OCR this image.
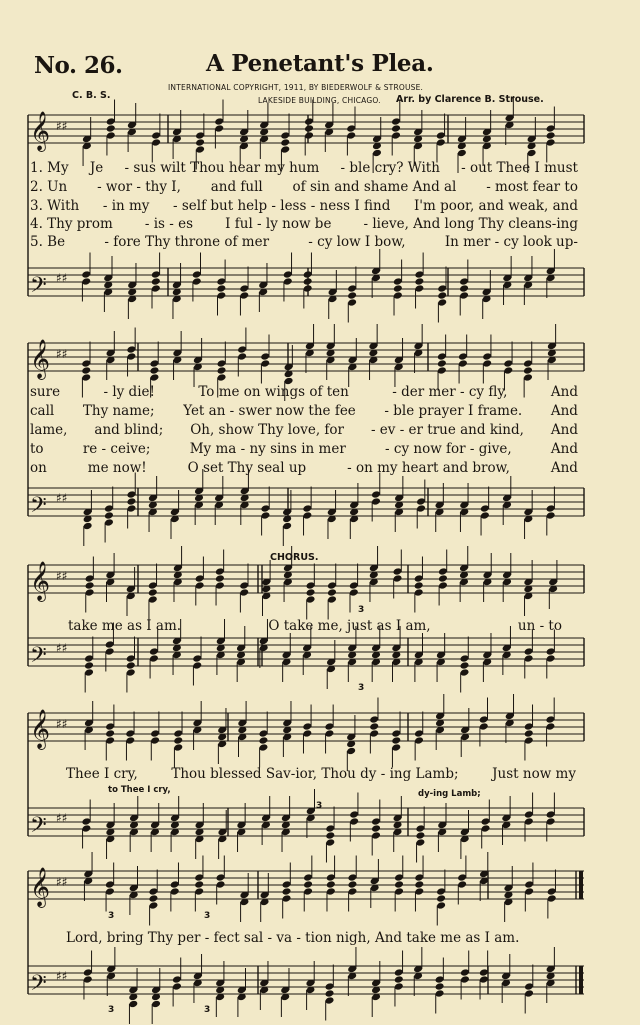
No. 26.	A Penetant's Plea.
INTERNATIONAL COPYRIGHT, 1911, BY BIEDERWOLF & STROUSE.
LAKESIDE BUILDING, CHICAGO.
C. B. S.	Arr. by Clarence B. Strouse.
𝄞
𝄢
♯♯
♯♯
1. My Je - sus wilt Thou hear my hum - ble cry? With - out Thee I must
2. Un - wor - thy I, and full of sin and shame And al - most fear to
3. With - in my - self but help - less - ness I find I'm poor, and weak, and
4. Thy prom - is - es I ful - ly now be - lieve, And long Thy cleans-ing
5. Be	- fore Thy throne of mer	- cy low I bow,	In mer - cy look up-
𝄞
𝄢
♯♯
♯♯
sure	- ly die!	To me on wings of ten	- der mer - cy fly,	And
call Thy name; Yet an - swer now the fee - ble prayer I frame. And
lame, and blind; Oh, show Thy love, for - ev - er true and kind, And
to	re - ceive;	My ma - ny sins in mer	- cy now for - give,	And
on	me now!	O set Thy seal up	- on my heart and brow,	And
CHORUS.
𝄞
𝄢
♯♯
♯♯
3
3
take me as I am.	O take me, just as I am,	un - to
𝄞
𝄢
♯♯
♯♯
3
Thee I cry, Thou blessed Sav-ior, Thou dy - ing Lamb; Just now my
to Thee I cry,	dy-ing Lamb;
𝄞
𝄢
♯♯
♯♯
3	3
3	3
Lord, bring Thy per - fect sal - va - tion nigh, And take me as I am.
